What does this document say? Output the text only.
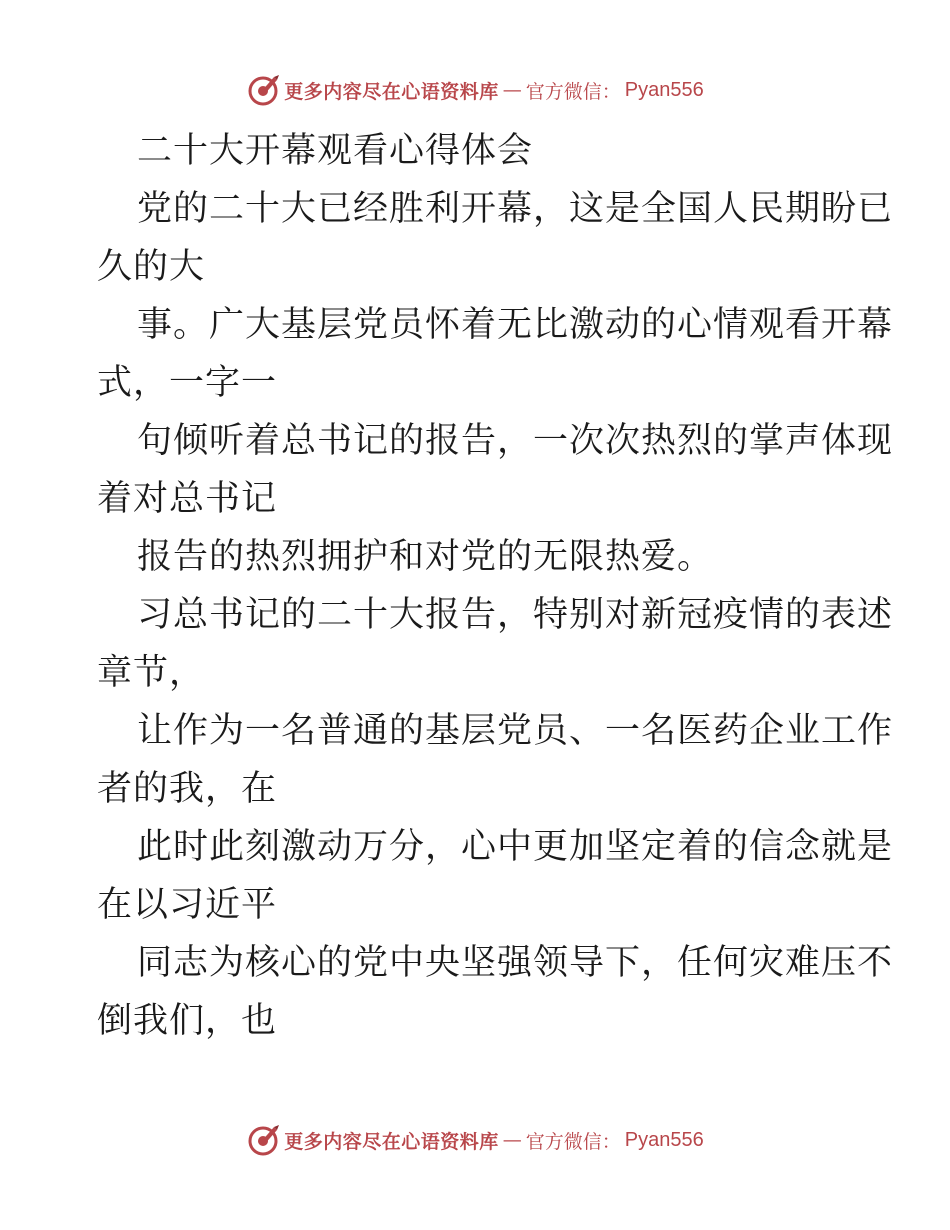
更多内容尽在心语资料库 — 官方微信： Pyan556
二十大开幕观看心得体会
党的二十大已经胜利开幕，这是全国人民期盼已
久的大
事。广大基层党员怀着无比激动的心情观看开幕
式，一字一
句倾听着总书记的报告，一次次热烈的掌声体现
着对总书记
报告的热烈拥护和对党的无限热爱。
习总书记的二十大报告，特别对新冠疫情的表述
章节，
让作为一名普通的基层党员、一名医药企业工作
者的我，在
此时此刻激动万分，心中更加坚定着的信念就是
在以习近平
同志为核心的党中央坚强领导下，任何灾难压不
倒我们，也
更多内容尽在心语资料库 — 官方微信： Pyan556
